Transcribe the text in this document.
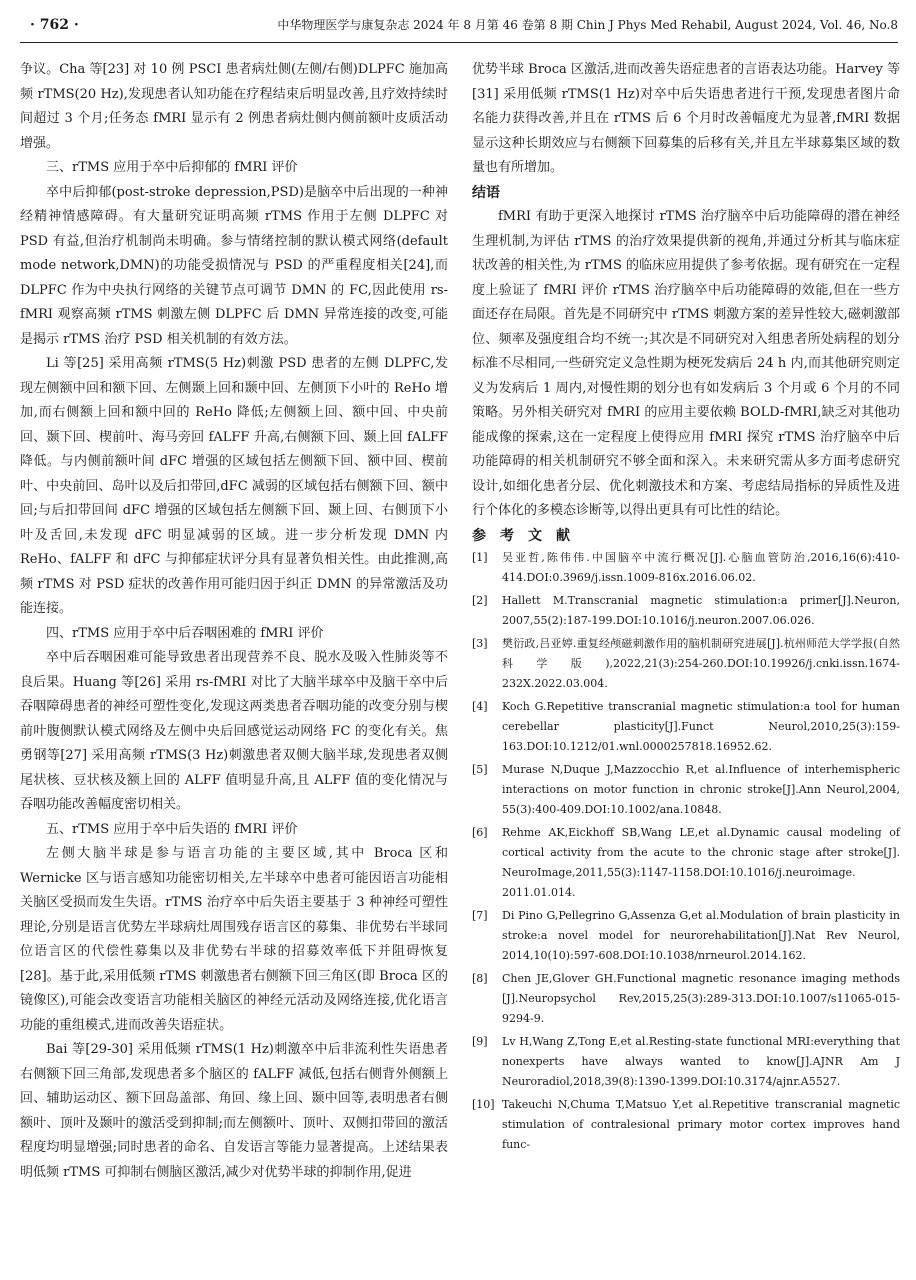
· 762 ·	中华物理医学与康复杂志 2024 年 8 月第 46 卷第 8 期 Chin J Phys Med Rehabil, August 2024, Vol. 46, No.8

争议。Cha 等[23] 对 10 例 PSCI 患者病灶侧(左侧/右侧)DLPFC 施加高频 rTMS(20 Hz),发现患者认知功能在疗程结束后明显改善,且疗效持续时间超过 3 个月;任务态 fMRI 显示有 2 例患者病灶侧内侧前额叶皮质活动增强。

三、rTMS 应用于卒中后抑郁的 fMRI 评价

卒中后抑郁(post-stroke depression,PSD)是脑卒中后出现的一种神经精神情感障碍。有大量研究证明高频 rTMS 作用于左侧 DLPFC 对 PSD 有益,但治疗机制尚未明确。参与情绪控制的默认模式网络(default mode network,DMN)的功能受损情况与 PSD 的严重程度相关[24],而 DLPFC 作为中央执行网络的关键节点可调节 DMN 的 FC,因此使用 rs-fMRI 观察高频 rTMS 刺激左侧 DLPFC 后 DMN 异常连接的改变,可能是揭示 rTMS 治疗 PSD 相关机制的有效方法。

Li 等[25] 采用高频 rTMS(5 Hz)刺激 PSD 患者的左侧 DLPFC,发现左侧额中回和额下回、左侧颞上回和颞中回、左侧顶下小叶的 ReHo 增加,而右侧额上回和额中回的 ReHo 降低;左侧额上回、额中回、中央前回、颞下回、楔前叶、海马旁回 fALFF 升高,右侧额下回、颞上回 fALFF 降低。与内侧前额叶间 dFC 增强的区域包括左侧额下回、额中回、楔前叶、中央前回、岛叶以及后扣带回,dFC 减弱的区域包括右侧额下回、额中回;与后扣带回间 dFC 增强的区域包括左侧额下回、颞上回、右侧顶下小叶及舌回,未发现 dFC 明显减弱的区域。进一步分析发现 DMN 内 ReHo、fALFF 和 dFC 与抑郁症状评分具有显著负相关性。由此推测,高频 rTMS 对 PSD 症状的改善作用可能归因于纠正 DMN 的异常激活及功能连接。

四、rTMS 应用于卒中后吞咽困难的 fMRI 评价

卒中后吞咽困难可能导致患者出现营养不良、脱水及吸入性肺炎等不良后果。Huang 等[26] 采用 rs-fMRI 对比了大脑半球卒中及脑干卒中后吞咽障碍患者的神经可塑性变化,发现这两类患者吞咽功能的改变分别与楔前叶腹侧默认模式网络及左侧中央后回感觉运动网络 FC 的变化有关。焦勇钢等[27] 采用高频 rTMS(3 Hz)刺激患者双侧大脑半球,发现患者双侧尾状核、豆状核及额上回的 ALFF 值明显升高,且 ALFF 值的变化情况与吞咽功能改善幅度密切相关。

五、rTMS 应用于卒中后失语的 fMRI 评价

左侧大脑半球是参与语言功能的主要区域,其中 Broca 区和 Wernicke 区与语言感知功能密切相关,左半球卒中患者可能因语言功能相关脑区受损而发生失语。rTMS 治疗卒中后失语主要基于 3 种神经可塑性理论,分别是语言优势左半球病灶周围残存语言区的募集、非优势右半球同位语言区的代偿性募集以及非优势右半球的招募效率低下并阻碍恢复[28]。基于此,采用低频 rTMS 刺激患者右侧额下回三角区(即 Broca 区的镜像区),可能会改变语言功能相关脑区的神经元活动及网络连接,优化语言功能的重组模式,进而改善失语症状。

Bai 等[29-30] 采用低频 rTMS(1 Hz)刺激卒中后非流利性失语患者右侧额下回三角部,发现患者多个脑区的 fALFF 减低,包括右侧背外侧额上回、辅助运动区、额下回岛盖部、角回、缘上回、颞中回等,表明患者右侧额叶、顶叶及颞叶的激活受到抑制;而左侧额叶、顶叶、双侧扣带回的激活程度均明显增强;同时患者的命名、自发语言等能力显著提高。上述结果表明低频 rTMS 可抑制右侧脑区激活,减少对优势半球的抑制作用,促进

优势半球 Broca 区激活,进而改善失语症患者的言语表达功能。Harvey 等[31] 采用低频 rTMS(1 Hz)对卒中后失语患者进行干预,发现患者图片命名能力获得改善,并且在 rTMS 后 6 个月时改善幅度尤为显著,fMRI 数据显示这种长期效应与右侧额下回募集的后移有关,并且左半球募集区域的数量也有所增加。

结语

fMRI 有助于更深入地探讨 rTMS 治疗脑卒中后功能障碍的潜在神经生理机制,为评估 rTMS 的治疗效果提供新的视角,并通过分析其与临床症状改善的相关性,为 rTMS 的临床应用提供了参考依据。现有研究在一定程度上验证了 fMRI 评价 rTMS 治疗脑卒中后功能障碍的效能,但在一些方面还存在局限。首先是不同研究中 rTMS 刺激方案的差异性较大,磁刺激部位、频率及强度组合均不统一;其次是不同研究对入组患者所处病程的划分标准不尽相同,一些研究定义急性期为梗死发病后 24 h 内,而其他研究则定义为发病后 1 周内,对慢性期的划分也有如发病后 3 个月或 6 个月的不同策略。另外相关研究对 fMRI 的应用主要依赖 BOLD-fMRI,缺乏对其他功能成像的探索,这在一定程度上使得应用 fMRI 探究 rTMS 治疗脑卒中后功能障碍的相关机制研究不够全面和深入。未来研究需从多方面考虑研究设计,如细化患者分层、优化刺激技术和方案、考虑结局指标的异质性及进行个体化的多模态诊断等,以得出更具有可比性的结论。

参考文献

[1] 吴亚哲,陈伟伟.中国脑卒中流行概况[J].心脑血管防治,2016,16(6):410-414.DOI:0.3969/j.issn.1009-816x.2016.06.02.
[2] Hallett M.Transcranial magnetic stimulation:a primer[J].Neuron, 2007,55(2):187-199.DOI:10.1016/j.neuron.2007.06.026.
[3] 樊衍政,吕亚婷.重复经颅磁刺激作用的脑机制研究进展[J].杭州师范大学学报(自然科学版),2022,21(3):254-260.DOI:10.19926/j.cnki.issn.1674-232X.2022.03.004.
[4] Koch G.Repetitive transcranial magnetic stimulation:a tool for human cerebellar plasticity[J].Funct Neurol,2010,25(3):159-163.DOI:10.1212/01.wnl.0000257818.16952.62.
[5] Murase N,Duque J,Mazzocchio R,et al.Influence of interhemispheric interactions on motor function in chronic stroke[J].Ann Neurol,2004, 55(3):400-409.DOI:10.1002/ana.10848.
[6] Rehme AK,Eickhoff SB,Wang LE,et al.Dynamic causal modeling of cortical activity from the acute to the chronic stage after stroke[J]. NeuroImage,2011,55(3):1147-1158.DOI:10.1016/j.neuroimage. 2011.01.014.
[7] Di Pino G,Pellegrino G,Assenza G,et al.Modulation of brain plasticity in stroke:a novel model for neurorehabilitation[J].Nat Rev Neurol, 2014,10(10):597-608.DOI:10.1038/nrneurol.2014.162.
[8] Chen JE,Glover GH.Functional magnetic resonance imaging methods [J].Neuropsychol Rev,2015,25(3):289-313.DOI:10.1007/s11065-015-9294-9.
[9] Lv H,Wang Z,Tong E,et al.Resting-state functional MRI:everything that nonexperts have always wanted to know[J].AJNR Am J Neuroradiol,2018,39(8):1390-1399.DOI:10.3174/ajnr.A5527.
[10] Takeuchi N,Chuma T,Matsuo Y,et al.Repetitive transcranial magnetic stimulation of contralesional primary motor cortex improves hand func-
